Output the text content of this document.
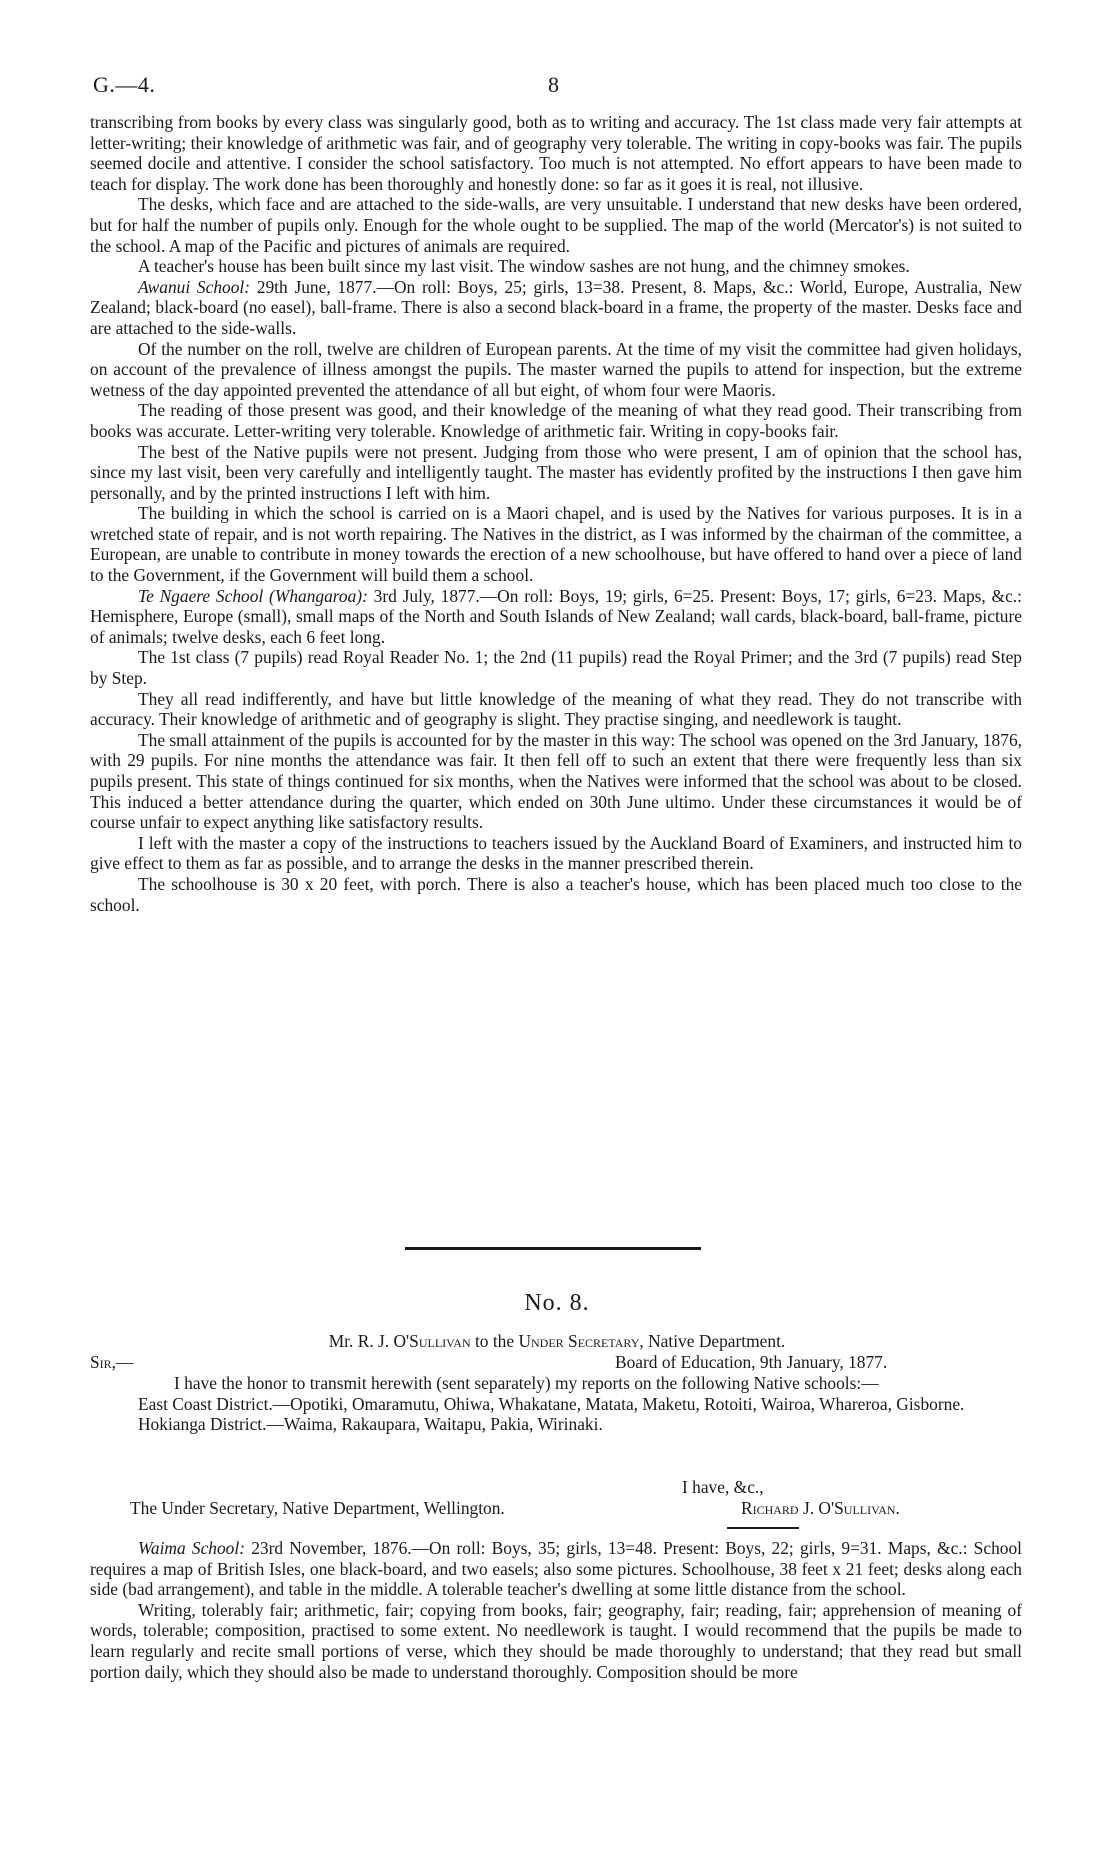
G.—4.	8

transcribing from books by every class was singularly good, both as to writing and accuracy. The 1st class made very fair attempts at letter-writing; their knowledge of arithmetic was fair, and of geography very tolerable. The writing in copy-books was fair. The pupils seemed docile and attentive. I consider the school satisfactory. Too much is not attempted. No effort appears to have been made to teach for display. The work done has been thoroughly and honestly done: so far as it goes it is real, not illusive.

The desks, which face and are attached to the side-walls, are very unsuitable. I understand that new desks have been ordered, but for half the number of pupils only. Enough for the whole ought to be supplied. The map of the world (Mercator's) is not suited to the school. A map of the Pacific and pictures of animals are required.

A teacher's house has been built since my last visit. The window sashes are not hung, and the chimney smokes.

Awanui School: 29th June, 1877.—On roll: Boys, 25; girls, 13=38. Present, 8. Maps, &c.: World, Europe, Australia, New Zealand; black-board (no easel), ball-frame. There is also a second black-board in a frame, the property of the master. Desks face and are attached to the side-walls.

Of the number on the roll, twelve are children of European parents. At the time of my visit the committee had given holidays, on account of the prevalence of illness amongst the pupils. The master warned the pupils to attend for inspection, but the extreme wetness of the day appointed prevented the attendance of all but eight, of whom four were Maoris.

The reading of those present was good, and their knowledge of the meaning of what they read good. Their transcribing from books was accurate. Letter-writing very tolerable. Knowledge of arithmetic fair. Writing in copy-books fair.

The best of the Native pupils were not present. Judging from those who were present, I am of opinion that the school has, since my last visit, been very carefully and intelligently taught. The master has evidently profited by the instructions I then gave him personally, and by the printed instructions I left with him.

The building in which the school is carried on is a Maori chapel, and is used by the Natives for various purposes. It is in a wretched state of repair, and is not worth repairing. The Natives in the district, as I was informed by the chairman of the committee, a European, are unable to contribute in money towards the erection of a new schoolhouse, but have offered to hand over a piece of land to the Government, if the Government will build them a school.

Te Ngaere School (Whangaroa): 3rd July, 1877.—On roll: Boys, 19; girls, 6=25. Present: Boys, 17; girls, 6=23. Maps, &c.: Hemisphere, Europe (small), small maps of the North and South Islands of New Zealand; wall cards, black-board, ball-frame, picture of animals; twelve desks, each 6 feet long.

The 1st class (7 pupils) read Royal Reader No. 1; the 2nd (11 pupils) read the Royal Primer; and the 3rd (7 pupils) read Step by Step.

They all read indifferently, and have but little knowledge of the meaning of what they read. They do not transcribe with accuracy. Their knowledge of arithmetic and of geography is slight. They practise singing, and needlework is taught.

The small attainment of the pupils is accounted for by the master in this way: The school was opened on the 3rd January, 1876, with 29 pupils. For nine months the attendance was fair. It then fell off to such an extent that there were frequently less than six pupils present. This state of things continued for six months, when the Natives were informed that the school was about to be closed. This induced a better attendance during the quarter, which ended on 30th June ultimo. Under these circumstances it would be of course unfair to expect anything like satisfactory results.

I left with the master a copy of the instructions to teachers issued by the Auckland Board of Examiners, and instructed him to give effect to them as far as possible, and to arrange the desks in the manner prescribed therein.

The schoolhouse is 30 x 20 feet, with porch. There is also a teacher's house, which has been placed much too close to the school.

No. 8.
Mr. R. J. O'Sullivan to the Under Secretary, Native Department.
Sir,—	Board of Education, 9th January, 1877.

I have the honor to transmit herewith (sent separately) my reports on the following Native schools:—

East Coast District.—Opotiki, Omaramutu, Ohiwa, Whakatane, Matata, Maketu, Rotoiti, Wairoa, Whareroa, Gisborne.

Hokianga District.—Waima, Rakaupara, Waitapu, Pakia, Wirinaki.

I have, &c.,
The Under Secretary, Native Department, Wellington.	Richard J. O'Sullivan.

Waima School: 23rd November, 1876.—On roll: Boys, 35; girls, 13=48. Present: Boys, 22; girls, 9=31. Maps, &c.: School requires a map of British Isles, one black-board, and two easels; also some pictures. Schoolhouse, 38 feet x 21 feet; desks along each side (bad arrangement), and table in the middle. A tolerable teacher's dwelling at some little distance from the school.

Writing, tolerably fair; arithmetic, fair; copying from books, fair; geography, fair; reading, fair; apprehension of meaning of words, tolerable; composition, practised to some extent. No needlework is taught. I would recommend that the pupils be made to learn regularly and recite small portions of verse, which they should be made thoroughly to understand; that they read but small portion daily, which they should also be made to understand thoroughly. Composition should be more
